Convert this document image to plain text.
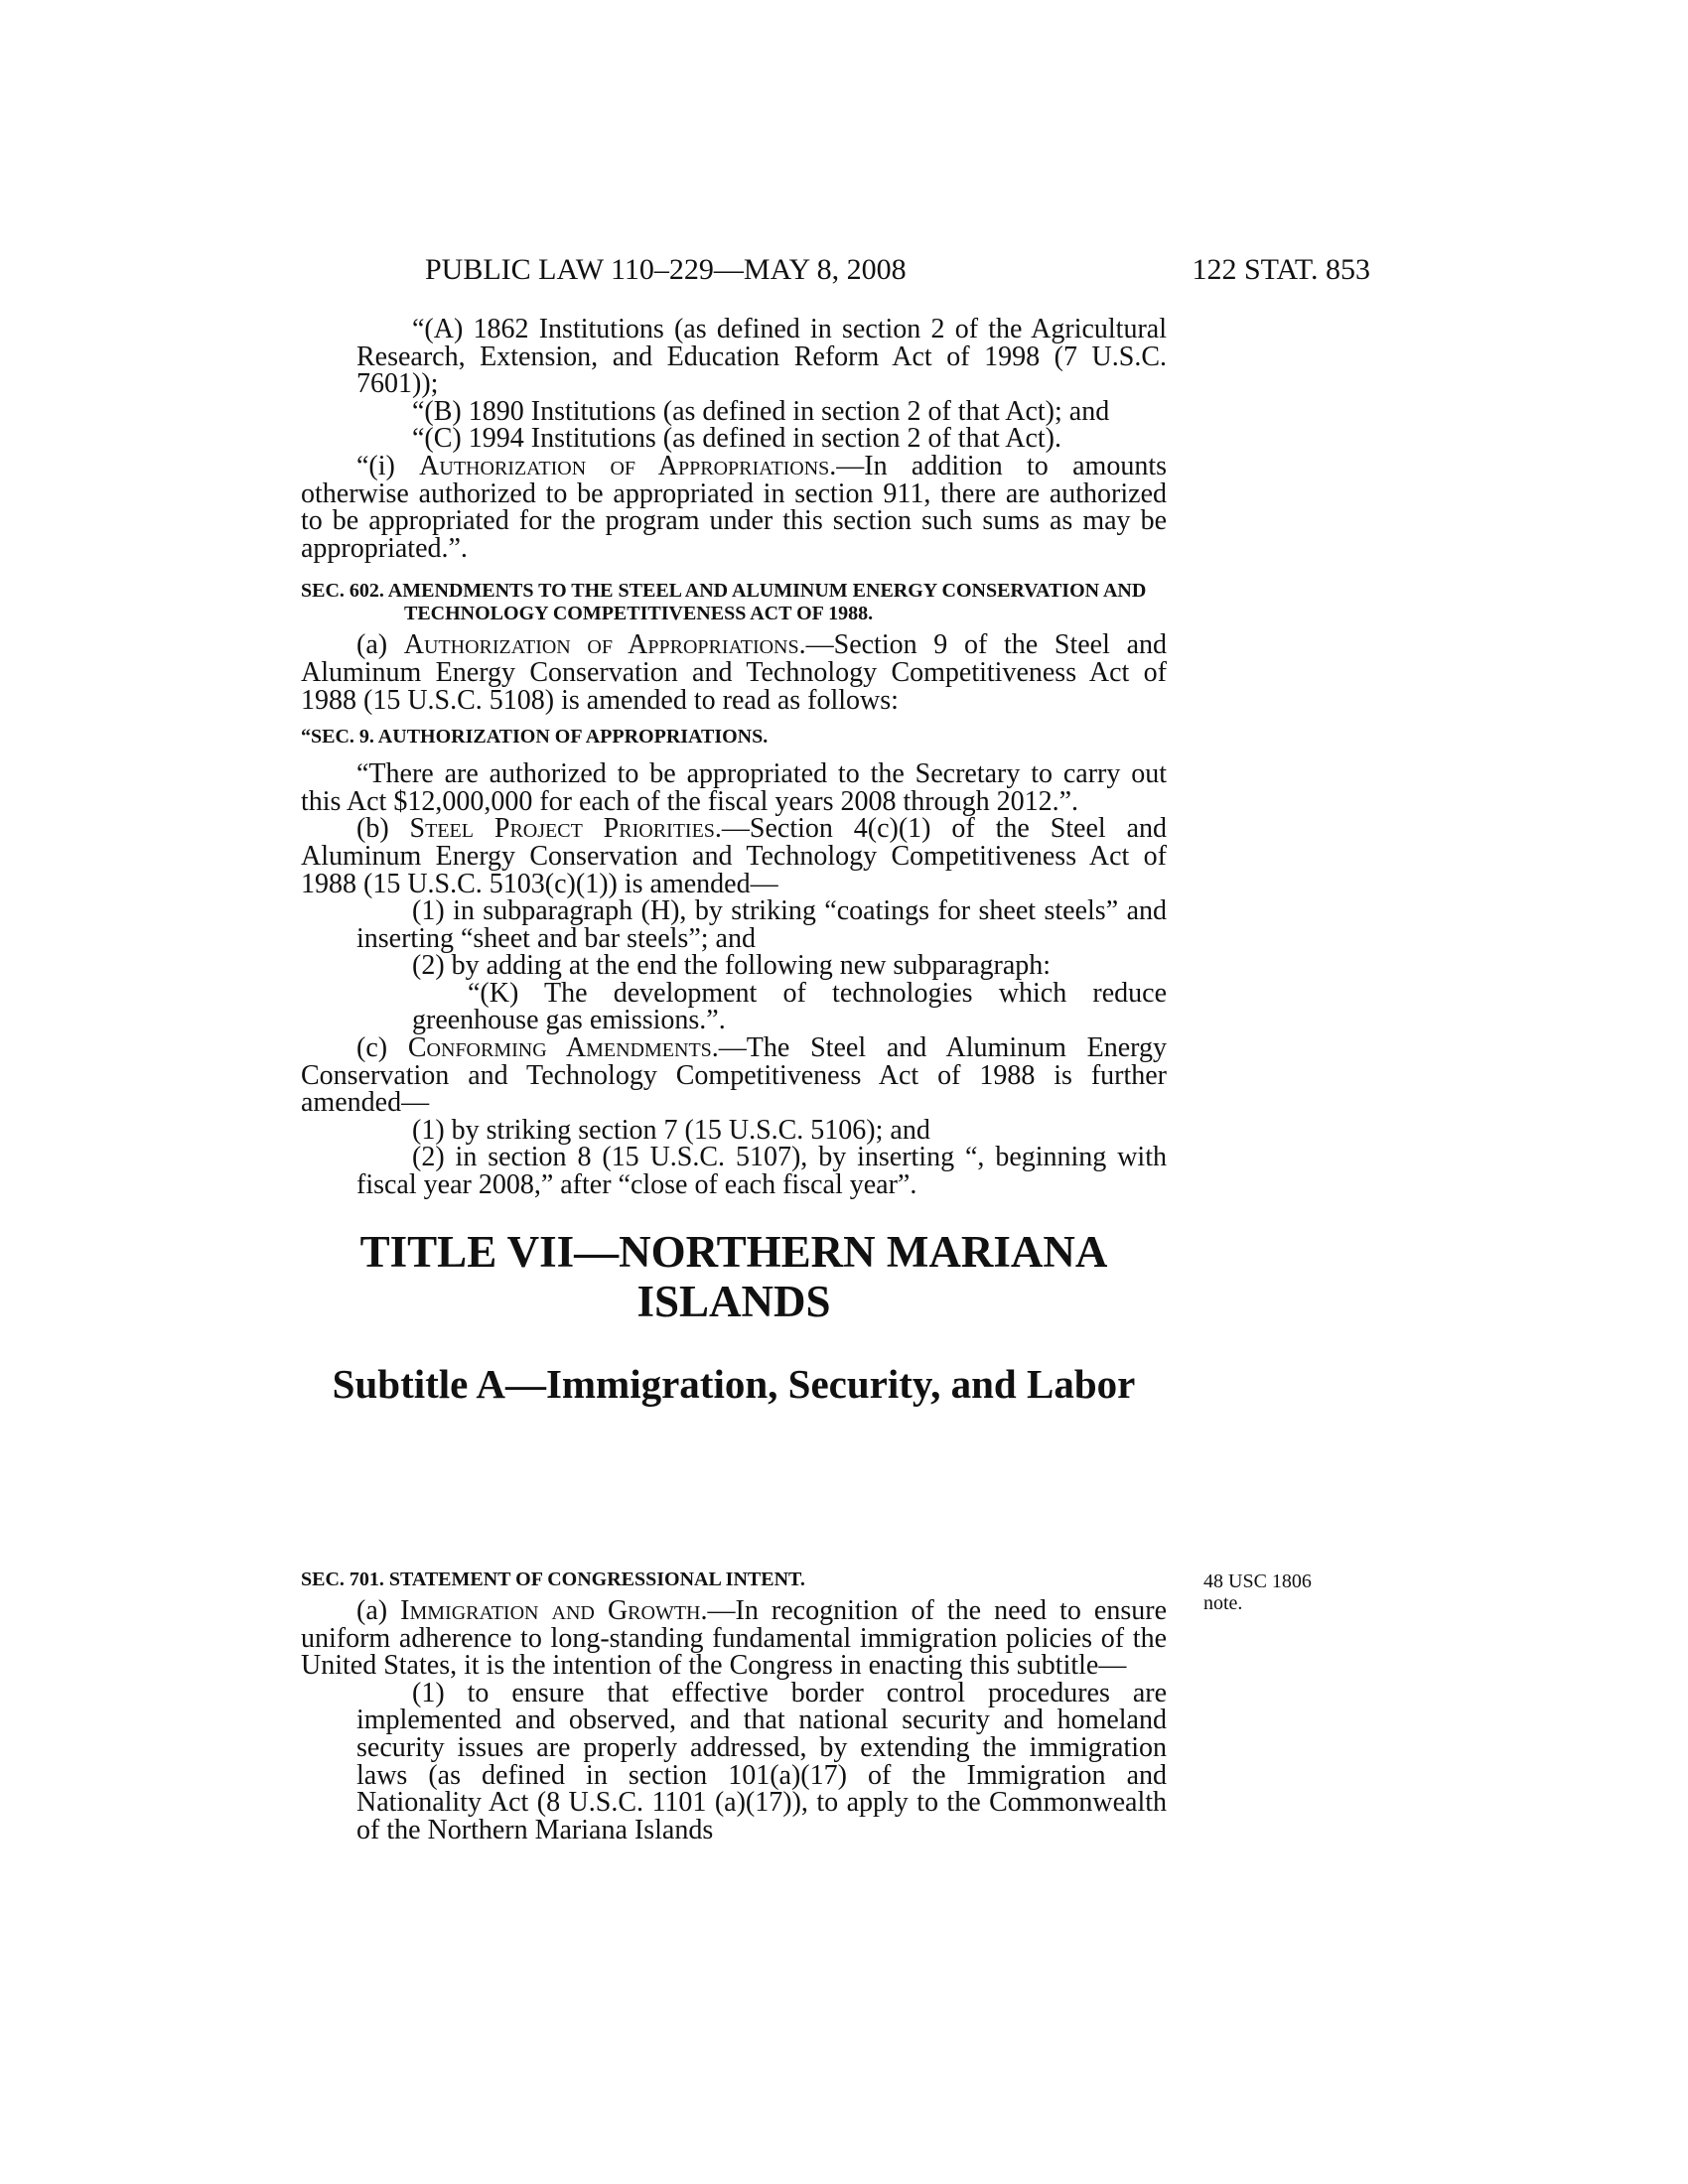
PUBLIC LAW 110–229—MAY 8, 2008	122 STAT. 853

“(A) 1862 Institutions (as defined in section 2 of the Agricultural Research, Extension, and Education Reform Act of 1998 (7 U.S.C. 7601));

“(B) 1890 Institutions (as defined in section 2 of that Act); and

“(C) 1994 Institutions (as defined in section 2 of that Act).

“(i) Authorization of Appropriations.—In addition to amounts otherwise authorized to be appropriated in section 911, there are authorized to be appropriated for the program under this section such sums as may be appropriated.”.

SEC. 602. AMENDMENTS TO THE STEEL AND ALUMINUM ENERGY CONSERVATION AND TECHNOLOGY COMPETITIVENESS ACT OF 1988.

(a) Authorization of Appropriations.—Section 9 of the Steel and Aluminum Energy Conservation and Technology Competitiveness Act of 1988 (15 U.S.C. 5108) is amended to read as follows:

“SEC. 9. AUTHORIZATION OF APPROPRIATIONS.

“There are authorized to be appropriated to the Secretary to carry out this Act $12,000,000 for each of the fiscal years 2008 through 2012.”.

(b) Steel Project Priorities.—Section 4(c)(1) of the Steel and Aluminum Energy Conservation and Technology Competitiveness Act of 1988 (15 U.S.C. 5103(c)(1)) is amended—

(1) in subparagraph (H), by striking “coatings for sheet steels” and inserting “sheet and bar steels”; and

(2) by adding at the end the following new subparagraph:

“(K) The development of technologies which reduce greenhouse gas emissions.”.

(c) Conforming Amendments.—The Steel and Aluminum Energy Conservation and Technology Competitiveness Act of 1988 is further amended—

(1) by striking section 7 (15 U.S.C. 5106); and

(2) in section 8 (15 U.S.C. 5107), by inserting “, beginning with fiscal year 2008,” after “close of each fiscal year”.

TITLE VII—NORTHERN MARIANA ISLANDS
Subtitle A—Immigration, Security, and Labor
SEC. 701. STATEMENT OF CONGRESSIONAL INTENT.

(a) Immigration and Growth.—In recognition of the need to ensure uniform adherence to long-standing fundamental immigration policies of the United States, it is the intention of the Congress in enacting this subtitle—

(1) to ensure that effective border control procedures are implemented and observed, and that national security and homeland security issues are properly addressed, by extending the immigration laws (as defined in section 101(a)(17) of the Immigration and Nationality Act (8 U.S.C. 1101 (a)(17)), to apply to the Commonwealth of the Northern Mariana Islands

48 USC 1806 note.
